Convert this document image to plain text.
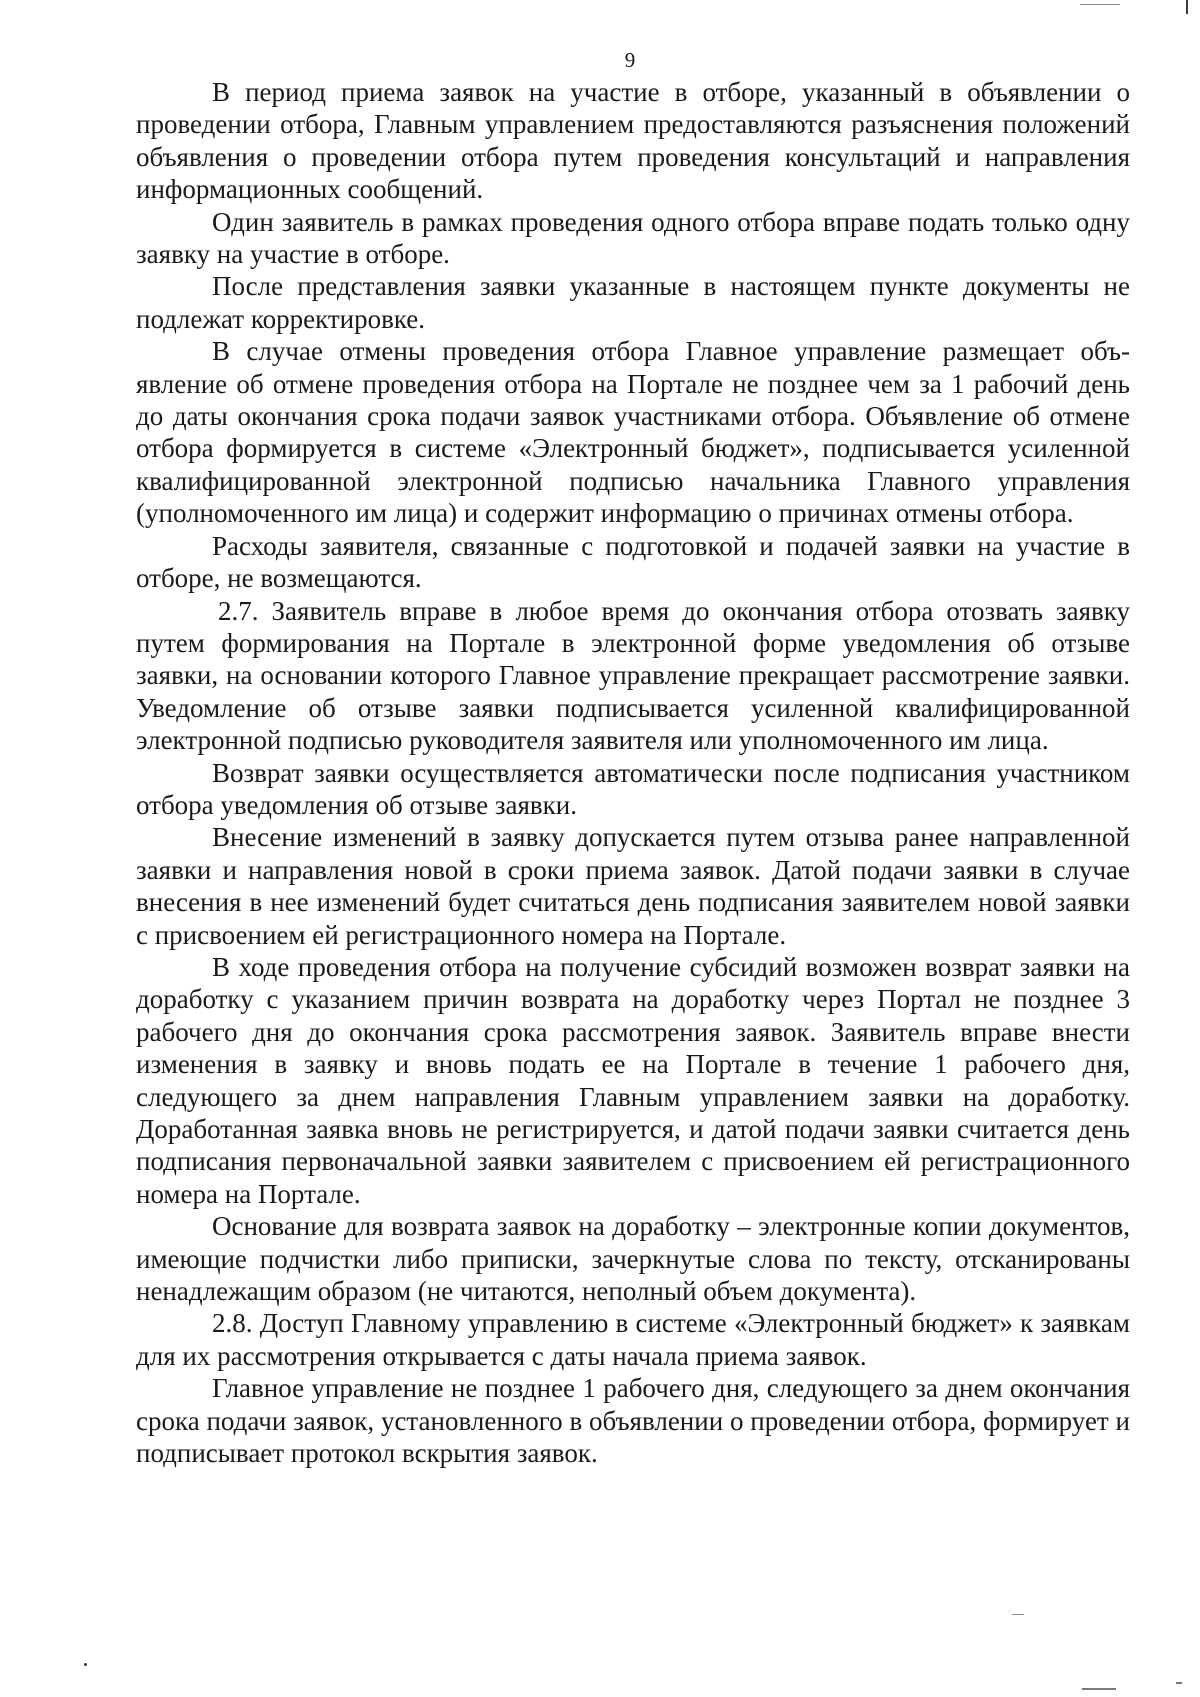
9

В период приема заявок на участие в отборе, указанный в объявлении о проведении отбора, Главным управлением предоставляются разъяснения положений объявления о проведении отбора путем проведения консультаций и направления информационных сообщений.

Один заявитель в рамках проведения одного отбора вправе подать только одну заявку на участие в отборе.

После представления заявки указанные в настоящем пункте документы не подлежат корректировке.

В случае отмены проведения отбора Главное управление размещает объявление об отмене проведения отбора на Портале не позднее чем за 1 рабочий день до даты окончания срока подачи заявок участниками отбора. Объявление об отмене отбора формируется в системе «Электронный бюджет», подписывается усиленной квалифицированной электронной подписью начальника Главного управления (уполномоченного им лица) и содержит информацию о причинах отмены отбора.

Расходы заявителя, связанные с подготовкой и подачей заявки на участие в отборе, не возмещаются.

2.7. Заявитель вправе в любое время до окончания отбора отозвать заявку путем формирования на Портале в электронной форме уведомления об отзыве заявки, на основании которого Главное управление прекращает рассмотрение заявки. Уведомление об отзыве заявки подписывается усиленной квалифицированной электронной подписью руководителя заявителя или уполномоченного им лица.

Возврат заявки осуществляется автоматически после подписания участником отбора уведомления об отзыве заявки.

Внесение изменений в заявку допускается путем отзыва ранее направленной заявки и направления новой в сроки приема заявок. Датой подачи заявки в случае внесения в нее изменений будет считаться день подписания заявителем новой заявки с присвоением ей регистрационного номера на Портале.

В ходе проведения отбора на получение субсидий возможен возврат заявки на доработку с указанием причин возврата на доработку через Портал не позднее 3 рабочего дня до окончания срока рассмотрения заявок. Заявитель вправе внести изменения в заявку и вновь подать ее на Портале в течение 1 рабочего дня, следующего за днем направления Главным управлением заявки на доработку. Доработанная заявка вновь не регистрируется, и датой подачи заявки считается день подписания первоначальной заявки заявителем с присвоением ей регистрационного номера на Портале.

Основание для возврата заявок на доработку – электронные копии документов, имеющие подчистки либо приписки, зачеркнутые слова по тексту, отсканированы ненадлежащим образом (не читаются, неполный объем документа).

2.8. Доступ Главному управлению в системе «Электронный бюджет» к заявкам для их рассмотрения открывается с даты начала приема заявок.

Главное управление не позднее 1 рабочего дня, следующего за днем окончания срока подачи заявок, установленного в объявлении о проведении отбора, формирует и подписывает протокол вскрытия заявок.
